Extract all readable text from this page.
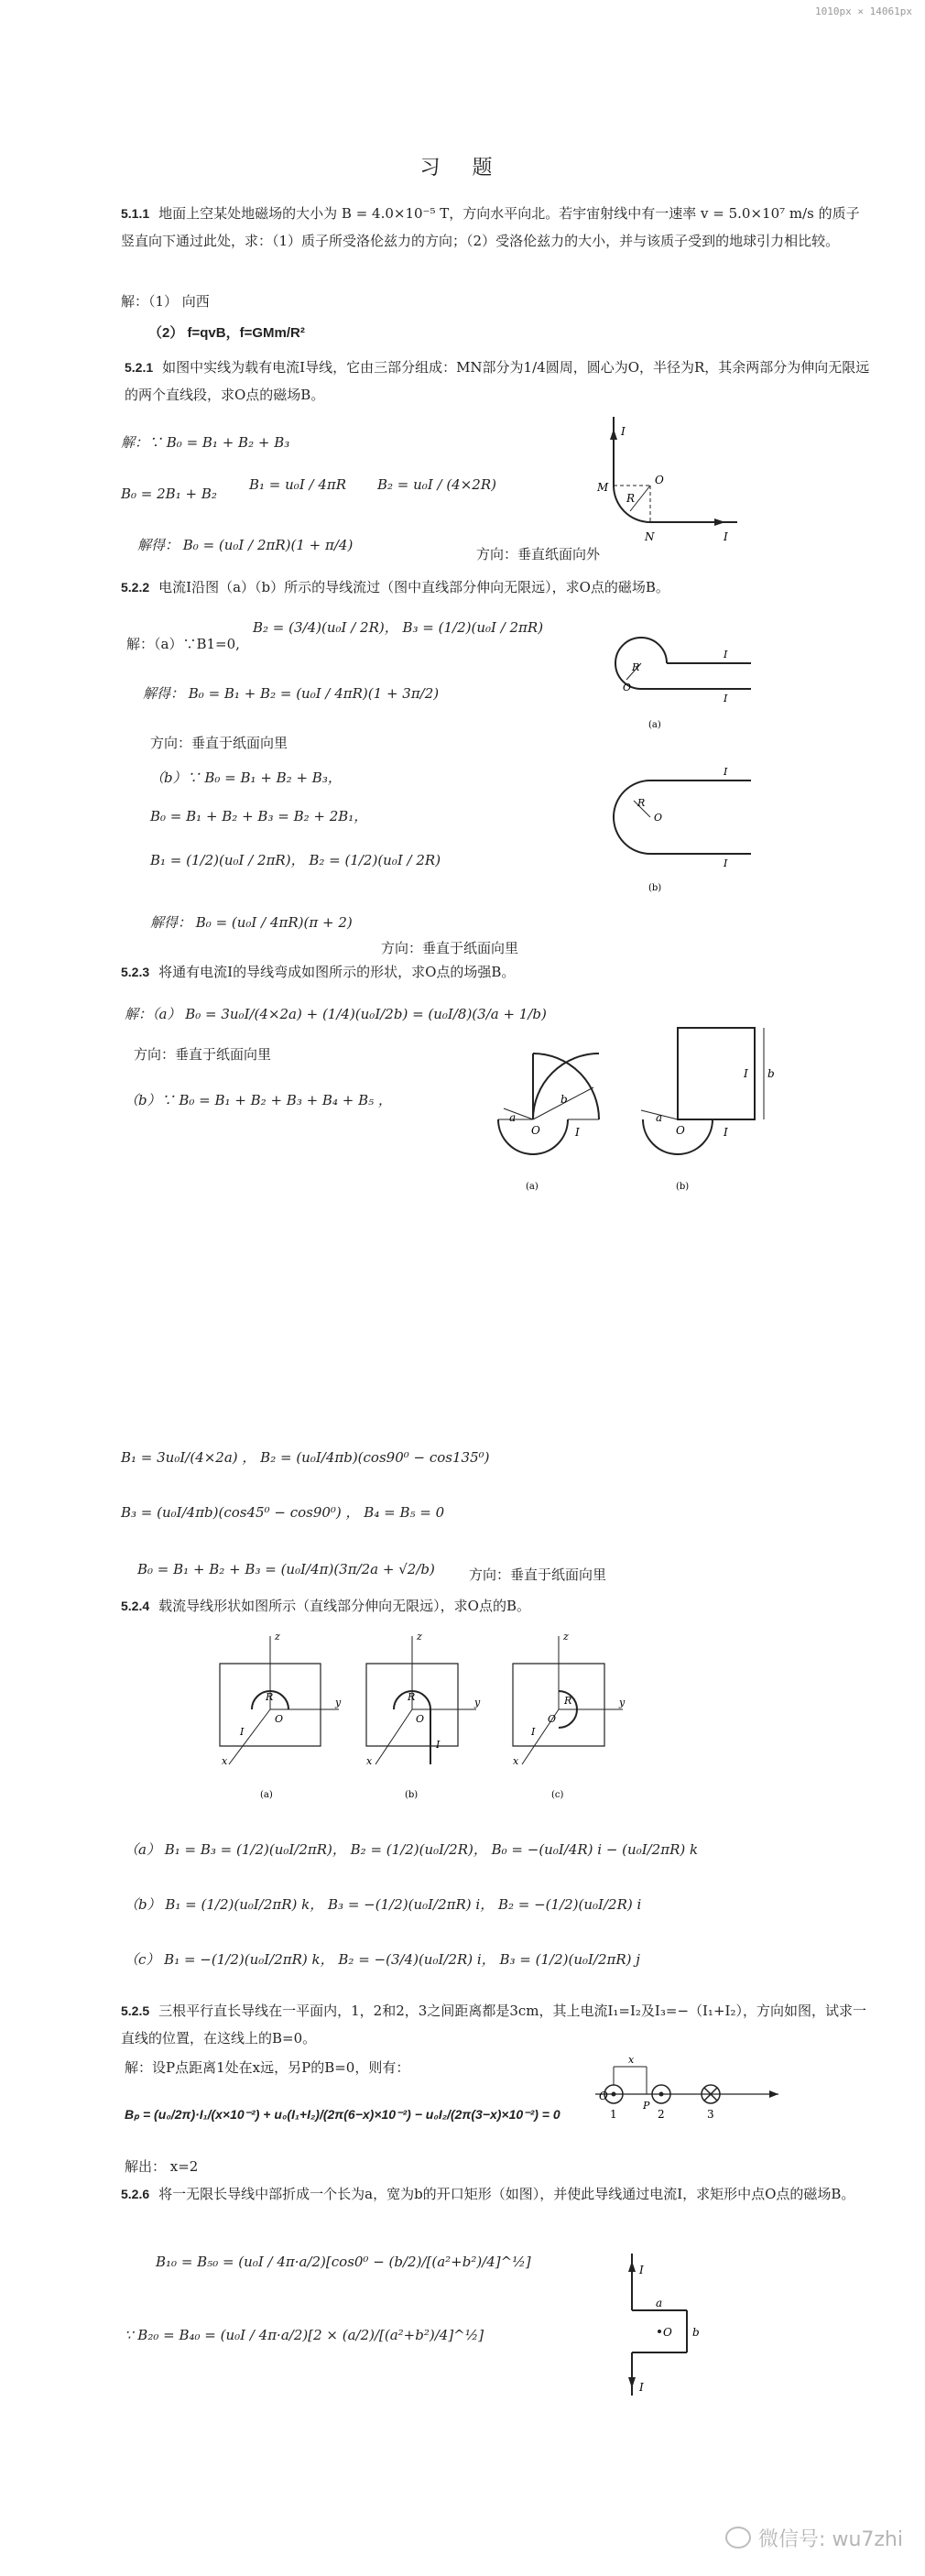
1010px × 14061px
习 题
5.1.1 地面上空某处地磁场的大小为 B = 4.0×10⁻⁵ T，方向水平向北。若宇宙射线中有一速率 v = 5.0×10⁷ m/s 的质子竖直向下通过此处，求：（1）质子所受洛伦兹力的方向；（2）受洛伦兹力的大小，并与该质子受到的地球引力相比较。
解：（1） 向西
（2） f=qvB，f=GMm/R²
5.2.1 如图中实线为载有电流I导线，它由三部分组成：MN部分为1/4圆周，圆心为O，半径为R，其余两部分为伸向无限远的两个直线段，求O点的磁场B。
解：∵ B₀ = B₁ + B₂ + B₃
B₀ = 2B₁ + B₂
B₁ = u₀I / 4πR B₂ = u₀I / (4×2R)
解得： B₀ = (u₀I / 2πR)(1 + π/4)
方向：垂直纸面向外
I
M
O
R
N	I
5.2.2 电流I沿图（a）（b）所示的导线流过（图中直线部分伸向无限远），求O点的磁场B。
解：（a）∵B1=0,
B₂ = (3/4)(u₀I / 2R)， B₃ = (1/2)(u₀I / 2πR)
解得： B₀ = B₁ + B₂ = (u₀I / 4πR)(1 + 3π/2)
方向：垂直于纸面向里
（b）∵ B₀ = B₁ + B₂ + B₃，
B₀ = B₁ + B₂ + B₃ = B₂ + 2B₁，
B₁ = (1/2)(u₀I / 2πR)， B₂ = (1/2)(u₀I / 2R)
解得： B₀ = (u₀I / 4πR)(π + 2)
方向：垂直于纸面向里
R
O
I
I
(a)
R
O
I
I
(b)
5.2.3 将通有电流I的导线弯成如图所示的形状，求O点的场强B。
解：（a） B₀ = 3u₀I/(4×2a) + (1/4)(u₀I/2b) = (u₀I/8)(3/a + 1/b)
方向：垂直于纸面向里
（b）∵ B₀ = B₁ + B₂ + B₃ + B₄ + B₅ ，	b
a
O	I
(a)
I b
a
O	I
(b)
B₁ = 3u₀I/(4×2a) ， B₂ = (u₀I/4πb)(cos90⁰ − cos135⁰)
B₃ = (u₀I/4πb)(cos45⁰ − cos90⁰) ， B₄ = B₅ = 0
B₀ = B₁ + B₂ + B₃ = (u₀I/4π)(3π/2a + √2/b) 方向：垂直于纸面向里
5.2.4 载流导线形状如图所示（直线部分伸向无限远），求O点的B。
z
y
x
R
O
I
(a)
z
y
x
R
O
I
(b)
z
y
x
R
O
I
(c)
（a） B₁ = B₃ = (1/2)(u₀I/2πR)， B₂ = (1/2)(u₀I/2R)， B₀ = −(u₀I/4R) i − (u₀I/2πR) k
（b） B₁ = (1/2)(u₀I/2πR) k， B₃ = −(1/2)(u₀I/2πR) i， B₂ = −(1/2)(u₀I/2R) i
（c） B₁ = −(1/2)(u₀I/2πR) k， B₂ = −(3/4)(u₀I/2R) i， B₃ = (1/2)(u₀I/2πR) j
5.2.5 三根平行直长导线在一平面内，1，2和2，3之间距离都是3cm，其上电流I₁=I₂及I₃=−（I₁+I₂），方向如图，试求一直线的位置，在这线上的B=0。
解：设P点距离1处在x远，另P的B=0，则有：
Bₚ = (u₀/2π)·I₁/(x×10⁻²) + u₀(I₁+I₂)/(2π(6−x)×10⁻²) − u₀I₂/(2π(3−x)×10⁻²) = 0
解出： x=2
O
1
P
2	3
x
5.2.6 将一无限长导线中部折成一个长为a，宽为b的开口矩形（如图），并使此导线通过电流I，求矩形中点O点的磁场B。
B₁₀ = B₅₀ = (u₀I / 4π·a/2)[cos0⁰ − (b/2)/[(a²+b²)/4]^½]
∵ B₂₀ = B₄₀ = (u₀I / 4π·a/2)[2 × (a/2)/[(a²+b²)/4]^½]
I
I
a
b
O
微信号: wu7zhi
